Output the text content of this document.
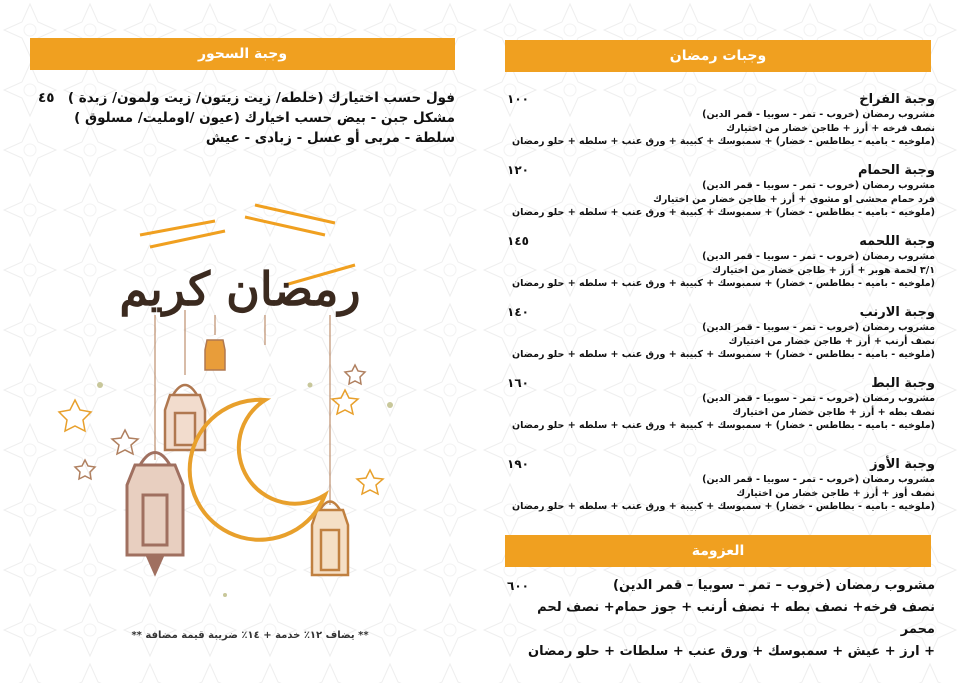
وجبة السحور
فول حسب اختيارك (خلطه/ زيت زيتون/ زيت ولمون/ زبدة )
٤٥
مشكل جبن - بيض حسب اخيارك (عيون /اومليت/ مسلوق )
سلطة - مربى أو عسل - زبادى - عيش
رمضان كريم
** يضاف ١٢٪ خدمة + ١٤٪ ضريبة قيمة مضافة **
وجبات رمضان
وجبة الفراخ
١٠٠
مشروب رمضان (خروب - تمر - سوبيا - قمر الدين)
نصف فرخه + أرز + طاجن خضار من اختيارك
(ملوخيه - باميه - بطاطس - خضار) + سمبوسك + كبيبة + ورق عنب + سلطه + حلو رمضان
وجبة الحمام
١٢٠
مشروب رمضان (خروب - تمر - سوبيا - قمر الدين)
فرد حمام محشى او مشوى + أرز + طاجن خضار من اختيارك
(ملوخيه - باميه - بطاطس - خضار) + سمبوسك + كبيبة + ورق عنب + سلطه + حلو رمضان
وجبة اللحمه
١٤٥
مشروب رمضان (خروب - تمر - سوبيا - قمر الدين)
٣/١ لحمة هوبر + أرز + طاجن خضار من اختيارك
(ملوخيه - باميه - بطاطس - خضار) + سمبوسك + كبيبة + ورق عنب + سلطه + حلو رمضان
وجبة الارنب
١٤٠
مشروب رمضان (خروب - تمر - سوبيا - قمر الدين)
نصف أرنب + أرز + طاجن خضار من اختيارك
(ملوخيه - باميه - بطاطس - خضار) + سمبوسك + كبيبة + ورق عنب + سلطه + حلو رمضان
وجبة البط
١٦٠
مشروب رمضان (خروب - تمر - سوبيا - قمر الدين)
نصف بطه + أرز + طاجن خضار من اختيارك
(ملوخيه - باميه - بطاطس - خضار) + سمبوسك + كبيبة + ورق عنب + سلطه + حلو رمضان
وجبة الأوز
١٩٠
مشروب رمضان (خروب - تمر - سوبيا - قمر الدين)
نصف أوز + أرز + طاجن خضار من اختيارك
(ملوخيه - باميه - بطاطس - خضار) + سمبوسك + كبيبة + ورق عنب + سلطه + حلو رمضان
العزومة
٦٠٠	مشروب رمضان (خروب – تمر – سوبيا – قمر الدين)
نصف فرخه+ نصف بطه + نصف أرنب + جوز حمام+ نصف لحم محمر
+ ارز + عيش + سمبوسك + ورق عنب + سلطات + حلو رمضان
